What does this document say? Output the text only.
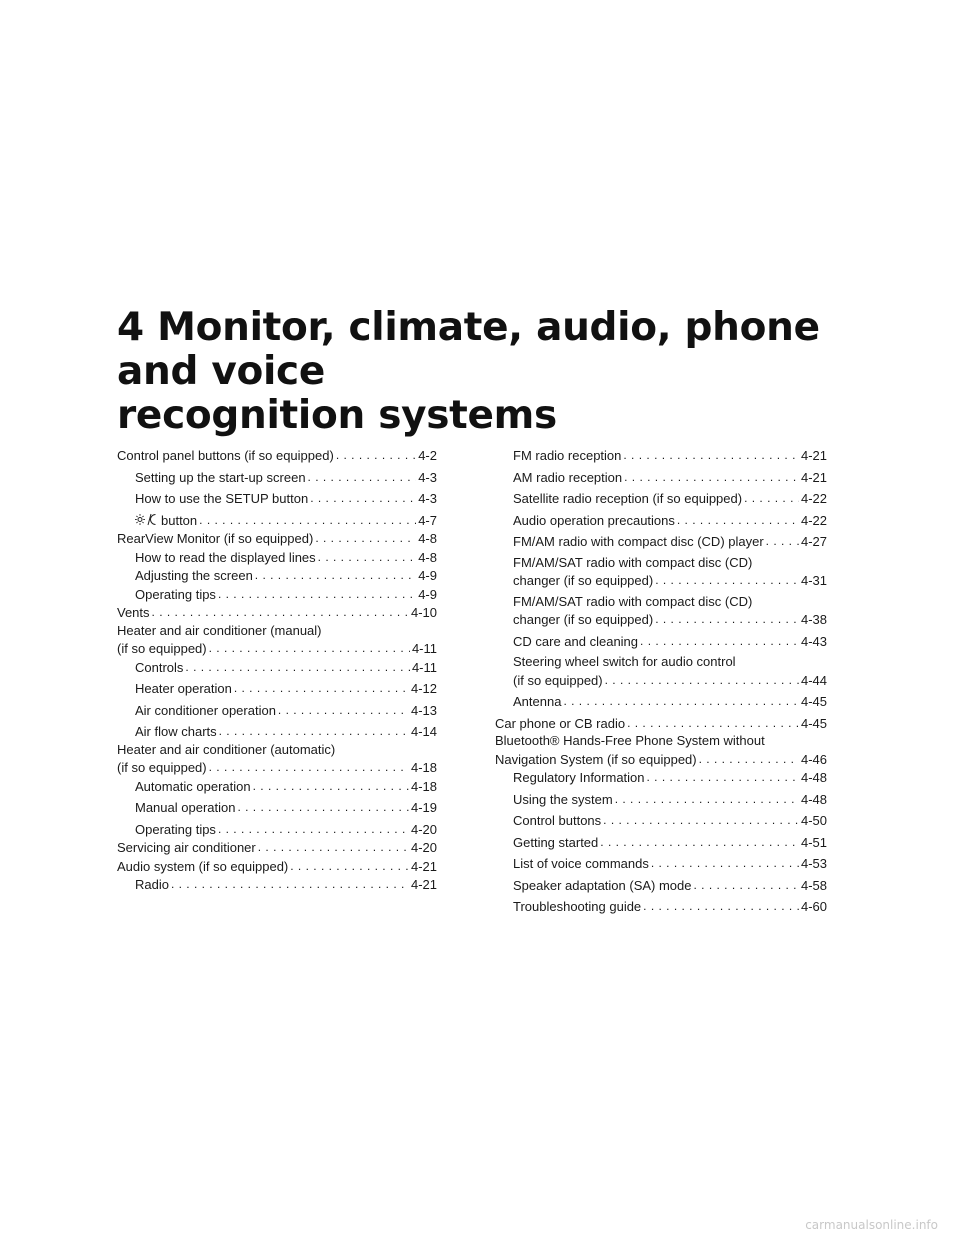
4 Monitor, climate, audio, phone and voice
recognition systems
Control panel buttons (if so equipped) . . .	4-2
Setting up the start-up screen . . .	4-3
How to use the SETUP button . . .	4-3
button . . .	4-7
RearView Monitor (if so equipped) . . .	4-8
How to read the displayed lines . . .	4-8
Adjusting the screen . . .	4-9
Operating tips . . .	4-9
Vents . . .	4-10
Heater and air conditioner (manual)
(if so equipped) . . .	4-11
Controls . . .	4-11
Heater operation . . .	4-12
Air conditioner operation . . .	4-13
Air flow charts . . .	4-14
Heater and air conditioner (automatic)
(if so equipped) . . .	4-18
Automatic operation . . .	4-18
Manual operation . . .	4-19
Operating tips . . .	4-20
Servicing air conditioner . . .	4-20
Audio system (if so equipped) . . .	4-21
Radio . . .	4-21
FM radio reception . . .	4-21
AM radio reception . . .	4-21
Satellite radio reception (if so equipped) . . .	4-22
Audio operation precautions . . .	4-22
FM/AM radio with compact disc (CD) player . . .	4-27
FM/AM/SAT radio with compact disc (CD)
changer (if so equipped) . . .	4-31
FM/AM/SAT radio with compact disc (CD)
changer (if so equipped) . . .	4-38
CD care and cleaning . . .	4-43
Steering wheel switch for audio control
(if so equipped) . . .	4-44
Antenna . . .	4-45
Car phone or CB radio . . .	4-45
Bluetooth® Hands-Free Phone System without
Navigation System (if so equipped) . . .	4-46
Regulatory Information . . .	4-48
Using the system . . .	4-48
Control buttons . . .	4-50
Getting started . . .	4-51
List of voice commands . . .	4-53
Speaker adaptation (SA) mode . . .	4-58
Troubleshooting guide . . .	4-60
carmanualsonline.info
